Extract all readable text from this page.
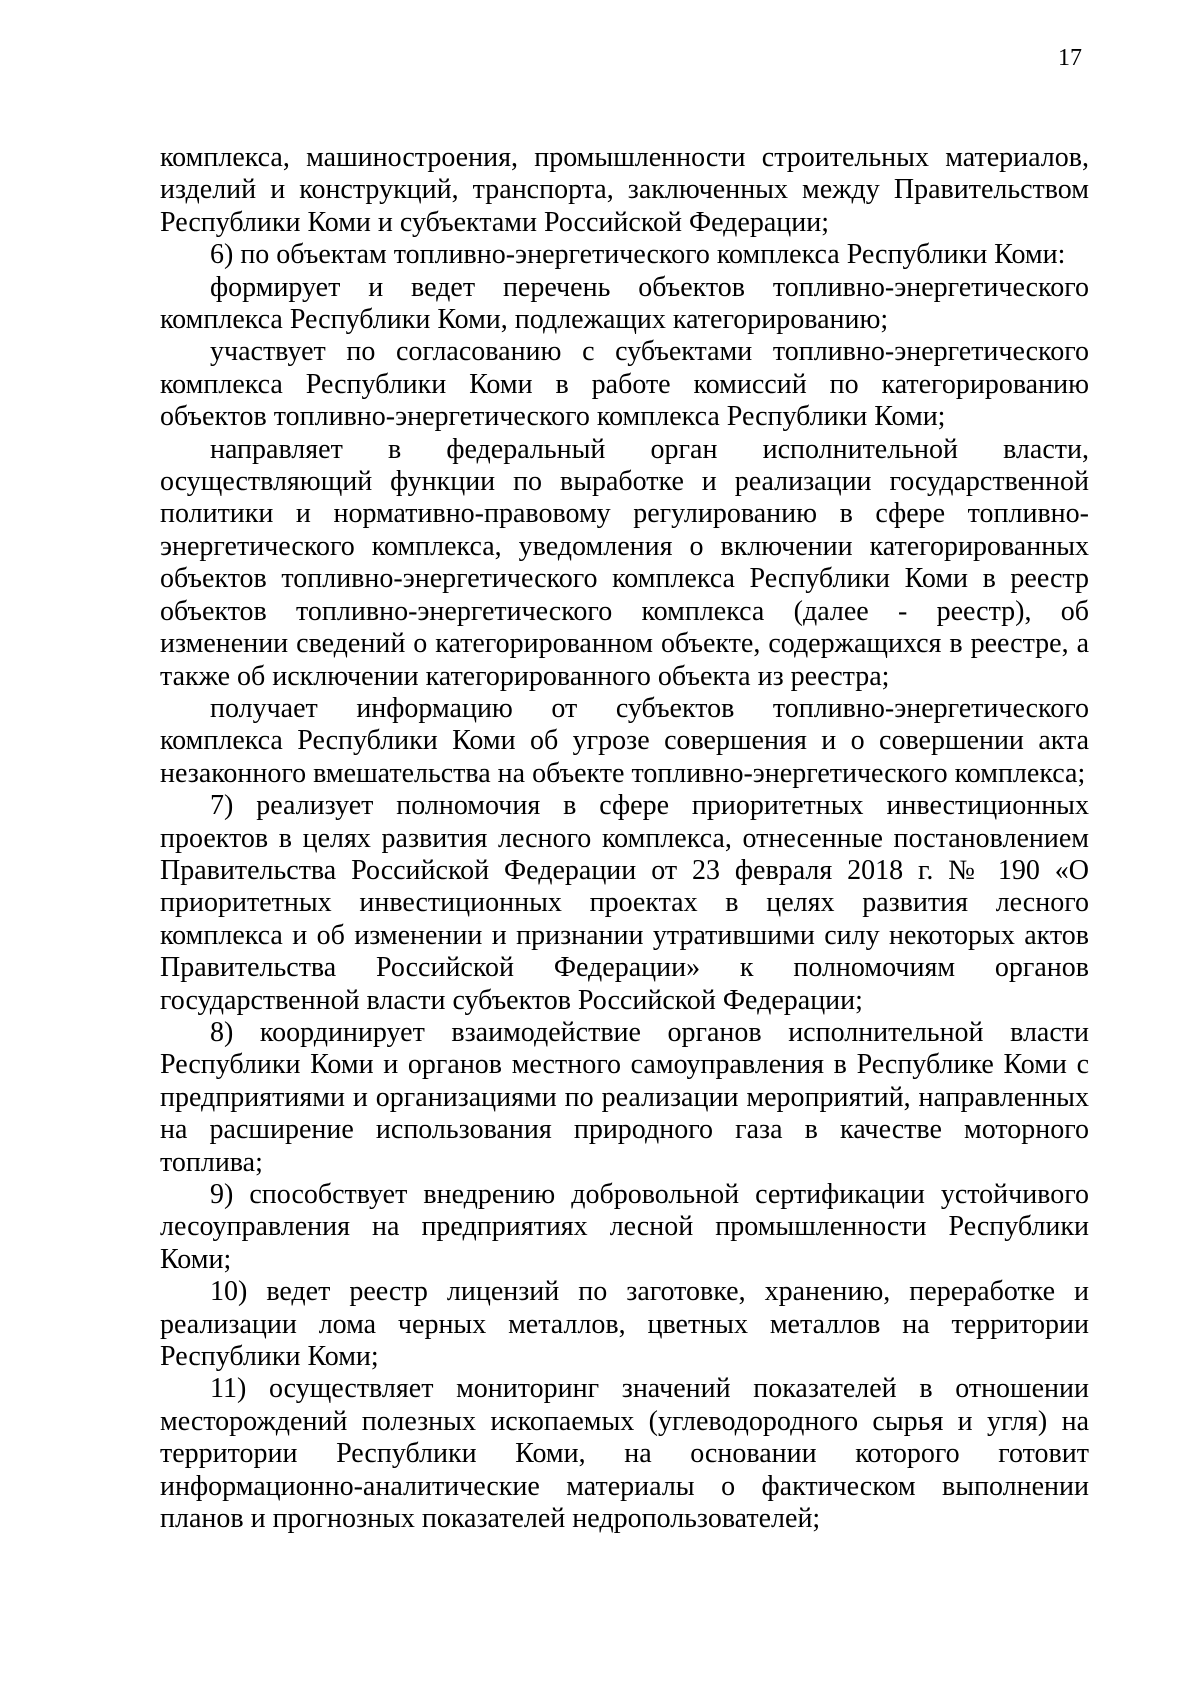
17

комплекса, машиностроения, промышленности строительных материалов, изделий и конструкций, транспорта, заключенных между Правительством Республики Коми и субъектами Российской Федерации;

6) по объектам топливно-энергетического комплекса Республики Коми:

формирует и ведет перечень объектов топливно-энергетического комплекса Республики Коми, подлежащих категорированию;

участвует по согласованию с субъектами топливно-энергетического комплекса Республики Коми в работе комиссий по категорированию объектов топливно-энергетического комплекса Республики Коми;

направляет в федеральный орган исполнительной власти, осуществляющий функции по выработке и реализации государственной политики и нормативно-правовому регулированию в сфере топливно-энергетического комплекса, уведомления о включении категорированных объектов топливно-энергетического комплекса Республики Коми в реестр объектов топливно-энергетического комплекса (далее - реестр), об изменении сведений о категорированном объекте, содержащихся в реестре, а также об исключении категорированного объекта из реестра;

получает информацию от субъектов топливно-энергетического комплекса Республики Коми об угрозе совершения и о совершении акта незаконного вмешательства на объекте топливно-энергетического комплекса;

7) реализует полномочия в сфере приоритетных инвестиционных проектов в целях развития лесного комплекса, отнесенные постановлением Правительства Российской Федерации от 23 февраля 2018 г. № 190 «О приоритетных инвестиционных проектах в целях развития лесного комплекса и об изменении и признании утратившими силу некоторых актов Правительства Российской Федерации» к полномочиям органов государственной власти субъектов Российской Федерации;

8) координирует взаимодействие органов исполнительной власти Республики Коми и органов местного самоуправления в Республике Коми с предприятиями и организациями по реализации мероприятий, направленных на расширение использования природного газа в качестве моторного топлива;

9) способствует внедрению добровольной сертификации устойчивого лесоуправления на предприятиях лесной промышленности Республики Коми;

10) ведет реестр лицензий по заготовке, хранению, переработке и реализации лома черных металлов, цветных металлов на территории Республики Коми;

11) осуществляет мониторинг значений показателей в отношении месторождений полезных ископаемых (углеводородного сырья и угля) на территории Республики Коми, на основании которого готовит информационно-аналитические материалы о фактическом выполнении планов и прогнозных показателей недропользователей;
